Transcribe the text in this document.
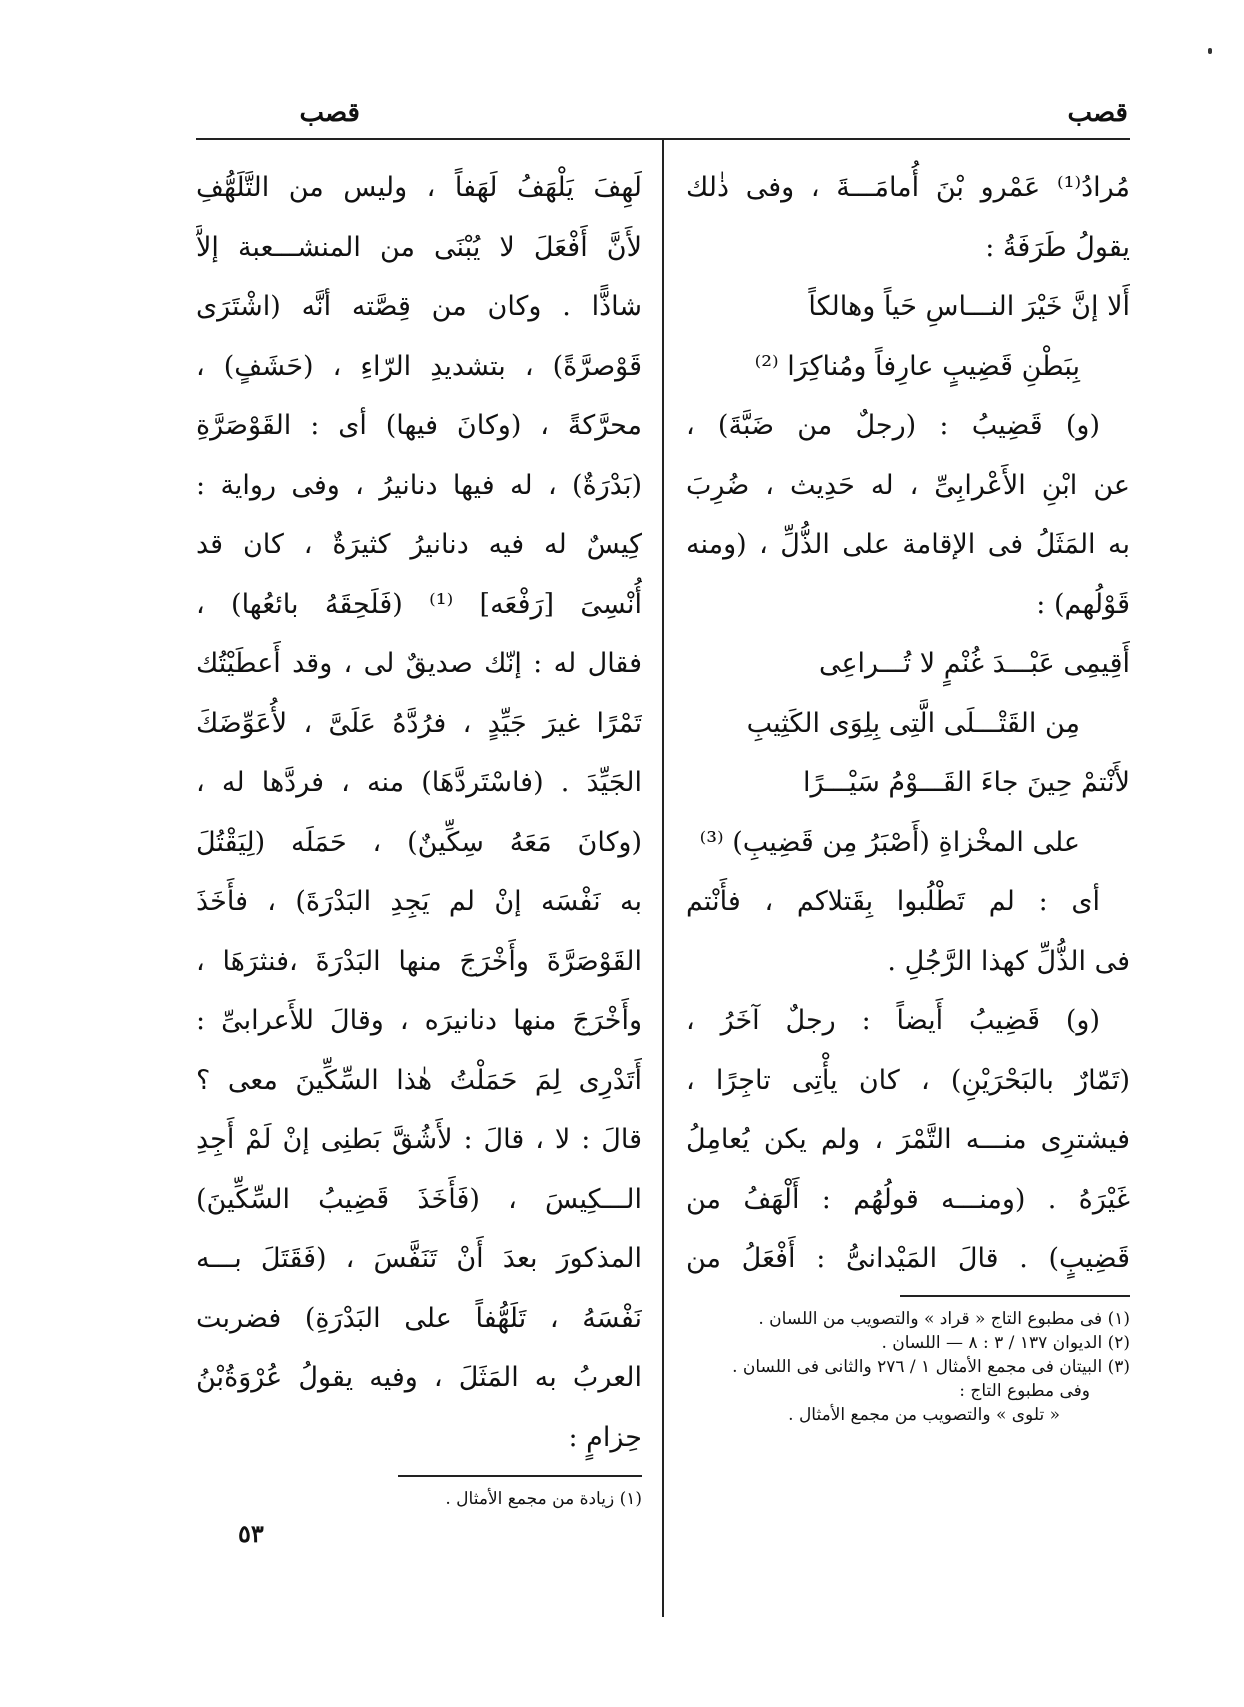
قصب
قصب
مُرادُ⁽¹⁾ عَمْرو بْنَ أُمامَـــةَ ، وفى ذٰلك
يقولُ طَرَفَةُ :
أَلا إنَّ خَيْرَ النـــاسِ حَياً وهالكاً
بِبَطْنِ قَضِيبٍ عارِفاً ومُناكِرَا ⁽²⁾
(و) قَضِيبُ : (رجلٌ من ضَبَّةَ) ،
عن ابْنِ الأَعْرابِىِّ ، له حَدِيث ، ضُرِبَ
به المَثَلُ فى الإقامة على الذُّلِّ ، (ومنه
قَوْلُهم) :
أَقِيمِى عَبْـــدَ غُنْمٍ لا تُـــراعِى
مِن القَتْـــلَى الَّتِى بِلِوَى الكَثِيبِ
لأَنْتمْ حِينَ جاءَ القَـــوْمُ سَيْـــرًا
على المخْزاةِ (أَصْبَرُ مِن قَضِيبِ) ⁽³⁾
أى : لم تَطْلُبوا بِقَتلاكم ، فأَنْتم
فى الذُّلِّ كهذا الرَّجُلِ .
(و) قَضِيبُ أَيضاً : رجلٌ آخَرُ ،
(تَمّارٌ بالبَحْرَيْنِ) ، كان يأْتِى تاجِرًا ،
فيشترِى منـــه التَّمْرَ ، ولم يكن يُعامِلُ
غَيْرَهُ . (ومنـــه قولُهُم : أَلْهَفُ من
قَضِيبٍ) . قالَ المَيْدانىُّ : أَفْعَلُ من
(١) فى مطبوع التاج « قراد » والتصويب من اللسان .
(٢) الديوان ١٣٧ / ٣ : ٨ — اللسان .
(٣) البيتان فى مجمع الأمثال ١ / ٢٧٦ والثانى فى اللسان .
وفى مطبوع التاج :
« تلوى » والتصويب من مجمع الأمثال .
لَهِفَ يَلْهَفُ لَهَفاً ، وليس من التَّلَهُّفِ
لأَنَّ أَفْعَلَ لا يُبْنَى من المنشـــعبة إلاَّ
شاذًّا . وكان من قِصَّته أنَّه (اشْتَرَى
قَوْصرَّةً) ، بتشديدِ الرّاءِ ، (حَشَفٍ) ،
محرَّكةً ، (وكانَ فيها) أى : القَوْصَرَّةِ
(بَدْرَةٌ) ، له فيها دنانيرُ ، وفى رواية :
كِيسٌ له فيه دنانيرُ كثيرَةٌ ، كان قد
أُنْسِىَ [رَفْعَه] ⁽¹⁾ (فَلَحِقَهُ بائعُها) ،
فقال له : إنّك صديقٌ لى ، وقد أَعطَيْتُك
تَمْرًا غيرَ جَيِّدٍ ، فرُدَّهُ عَلَىَّ ، لأُعَوِّضَكَ
الجَيِّدَ . (فاسْتَردَّهَا) منه ، فردَّها له ،
(وكانَ مَعَهُ سِكِّينٌ) ، حَمَلَه (لِيَقْتُلَ
به نَفْسَه إنْ لم يَجِدِ البَدْرَةَ) ، فأَخَذَ
القَوْصَرَّةَ وأَخْرَجَ منها البَدْرَةَ ،فنثرَهَا ،
وأَخْرَجَ منها دنانيرَه ، وقالَ للأَعرابىِّ :
أَتَدْرِى لِمَ حَمَلْتُ هٰذا السِّكِّينَ معى ؟
قالَ : لا ، قالَ : لأَشُقَّ بَطنِى إنْ لَمْ أَجِدِ
الـــكِيسَ ، (فَأَخَذَ قَضِيبُ السِّكِّينَ)
المذكورَ بعدَ أَنْ تَنَفَّسَ ، (فَقَتَلَ بـــه
نَفْسَهُ ، تَلَهُّفاً على البَدْرَةِ) فضربت
العربُ به المَثَلَ ، وفيه يقولُ عُرْوَةُبْنُ
حِزامٍ :
(١) زيادة من مجمع الأمثال .
٥٣
